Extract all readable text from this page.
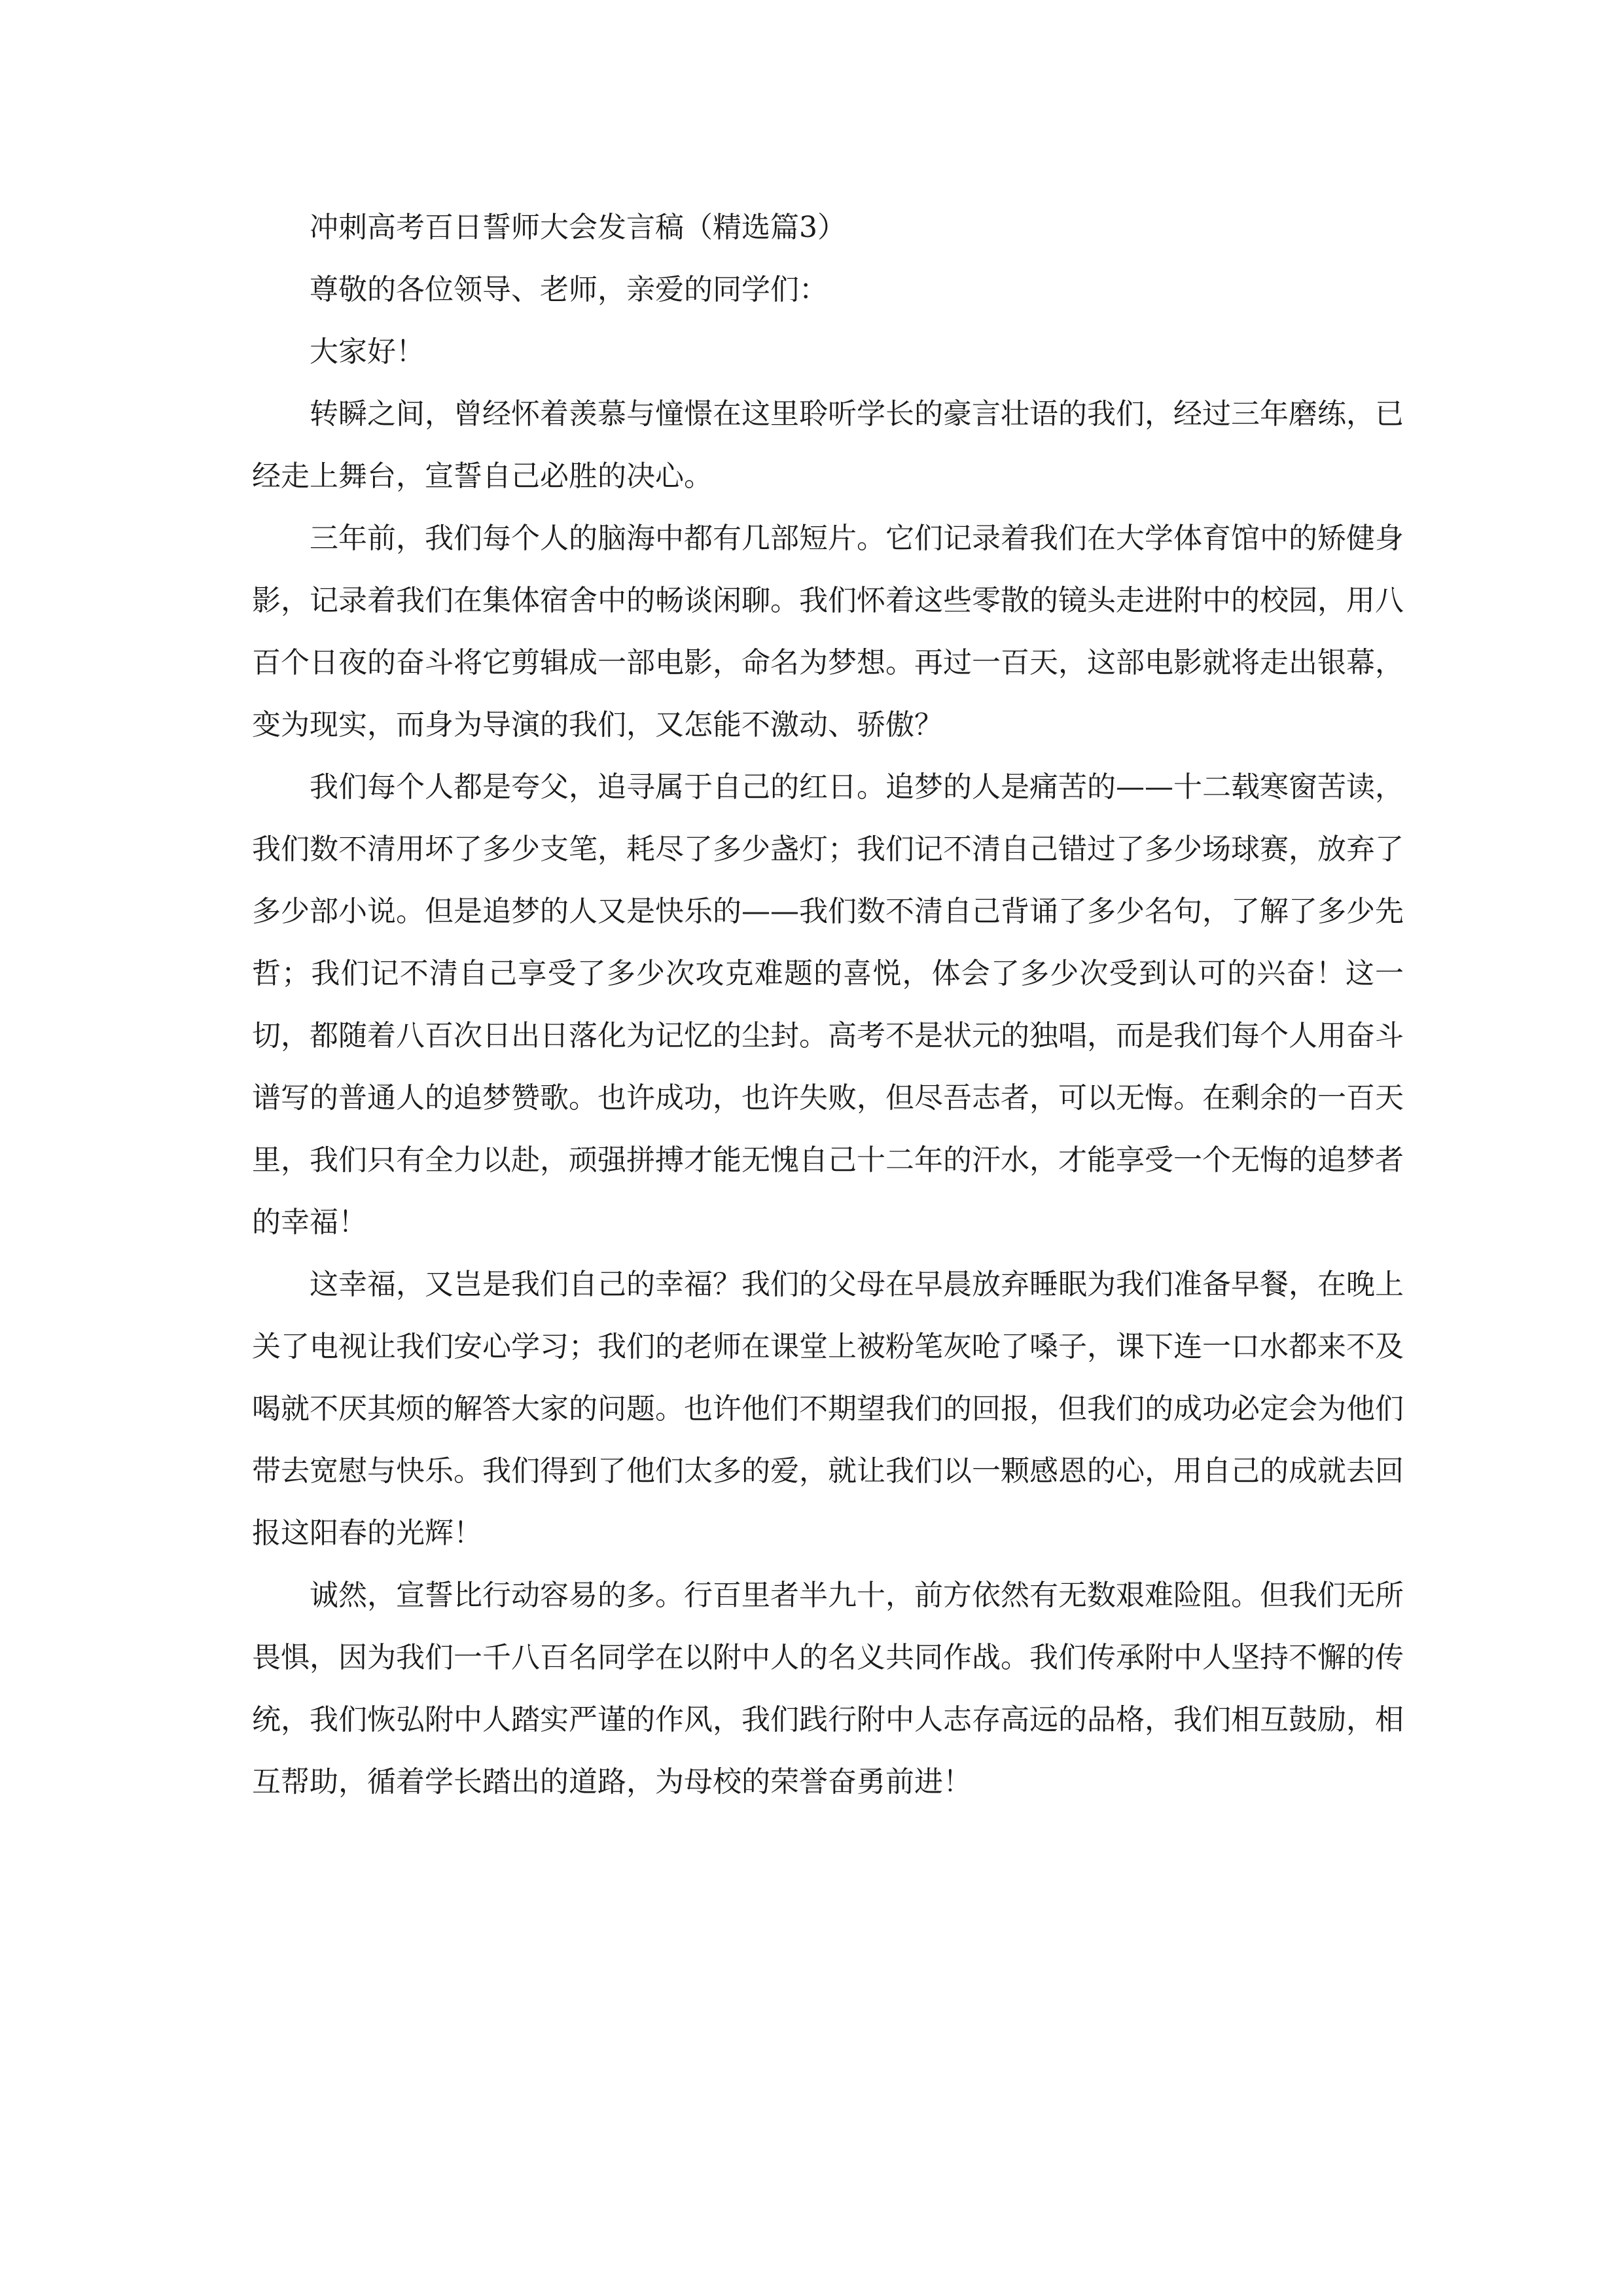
冲刺高考百日誓师大会发言稿（精选篇3）

尊敬的各位领导、老师，亲爱的同学们：

大家好！

转瞬之间，曾经怀着羡慕与憧憬在这里聆听学长的豪言壮语的我们，经过三年磨练，已经走上舞台，宣誓自己必胜的决心。

三年前，我们每个人的脑海中都有几部短片。它们记录着我们在大学体育馆中的矫健身影，记录着我们在集体宿舍中的畅谈闲聊。我们怀着这些零散的镜头走进附中的校园，用八百个日夜的奋斗将它剪辑成一部电影，命名为梦想。再过一百天，这部电影就将走出银幕，变为现实，而身为导演的我们，又怎能不激动、骄傲？

我们每个人都是夸父，追寻属于自己的红日。追梦的人是痛苦的——十二载寒窗苦读，我们数不清用坏了多少支笔，耗尽了多少盏灯；我们记不清自己错过了多少场球赛，放弃了多少部小说。但是追梦的人又是快乐的——我们数不清自己背诵了多少名句，了解了多少先哲；我们记不清自己享受了多少次攻克难题的喜悦，体会了多少次受到认可的兴奋！这一切，都随着八百次日出日落化为记忆的尘封。高考不是状元的独唱，而是我们每个人用奋斗谱写的普通人的追梦赞歌。也许成功，也许失败，但尽吾志者，可以无悔。在剩余的一百天里，我们只有全力以赴，顽强拼搏才能无愧自己十二年的汗水，才能享受一个无悔的追梦者的幸福！

这幸福，又岂是我们自己的幸福？我们的父母在早晨放弃睡眠为我们准备早餐，在晚上关了电视让我们安心学习；我们的老师在课堂上被粉笔灰呛了嗓子，课下连一口水都来不及喝就不厌其烦的解答大家的问题。也许他们不期望我们的回报，但我们的成功必定会为他们带去宽慰与快乐。我们得到了他们太多的爱，就让我们以一颗感恩的心，用自己的成就去回报这阳春的光辉！

诚然，宣誓比行动容易的多。行百里者半九十，前方依然有无数艰难险阻。但我们无所畏惧，因为我们一千八百名同学在以附中人的名义共同作战。我们传承附中人坚持不懈的传统，我们恢弘附中人踏实严谨的作风，我们践行附中人志存高远的品格，我们相互鼓励，相互帮助，循着学长踏出的道路，为母校的荣誉奋勇前进！
